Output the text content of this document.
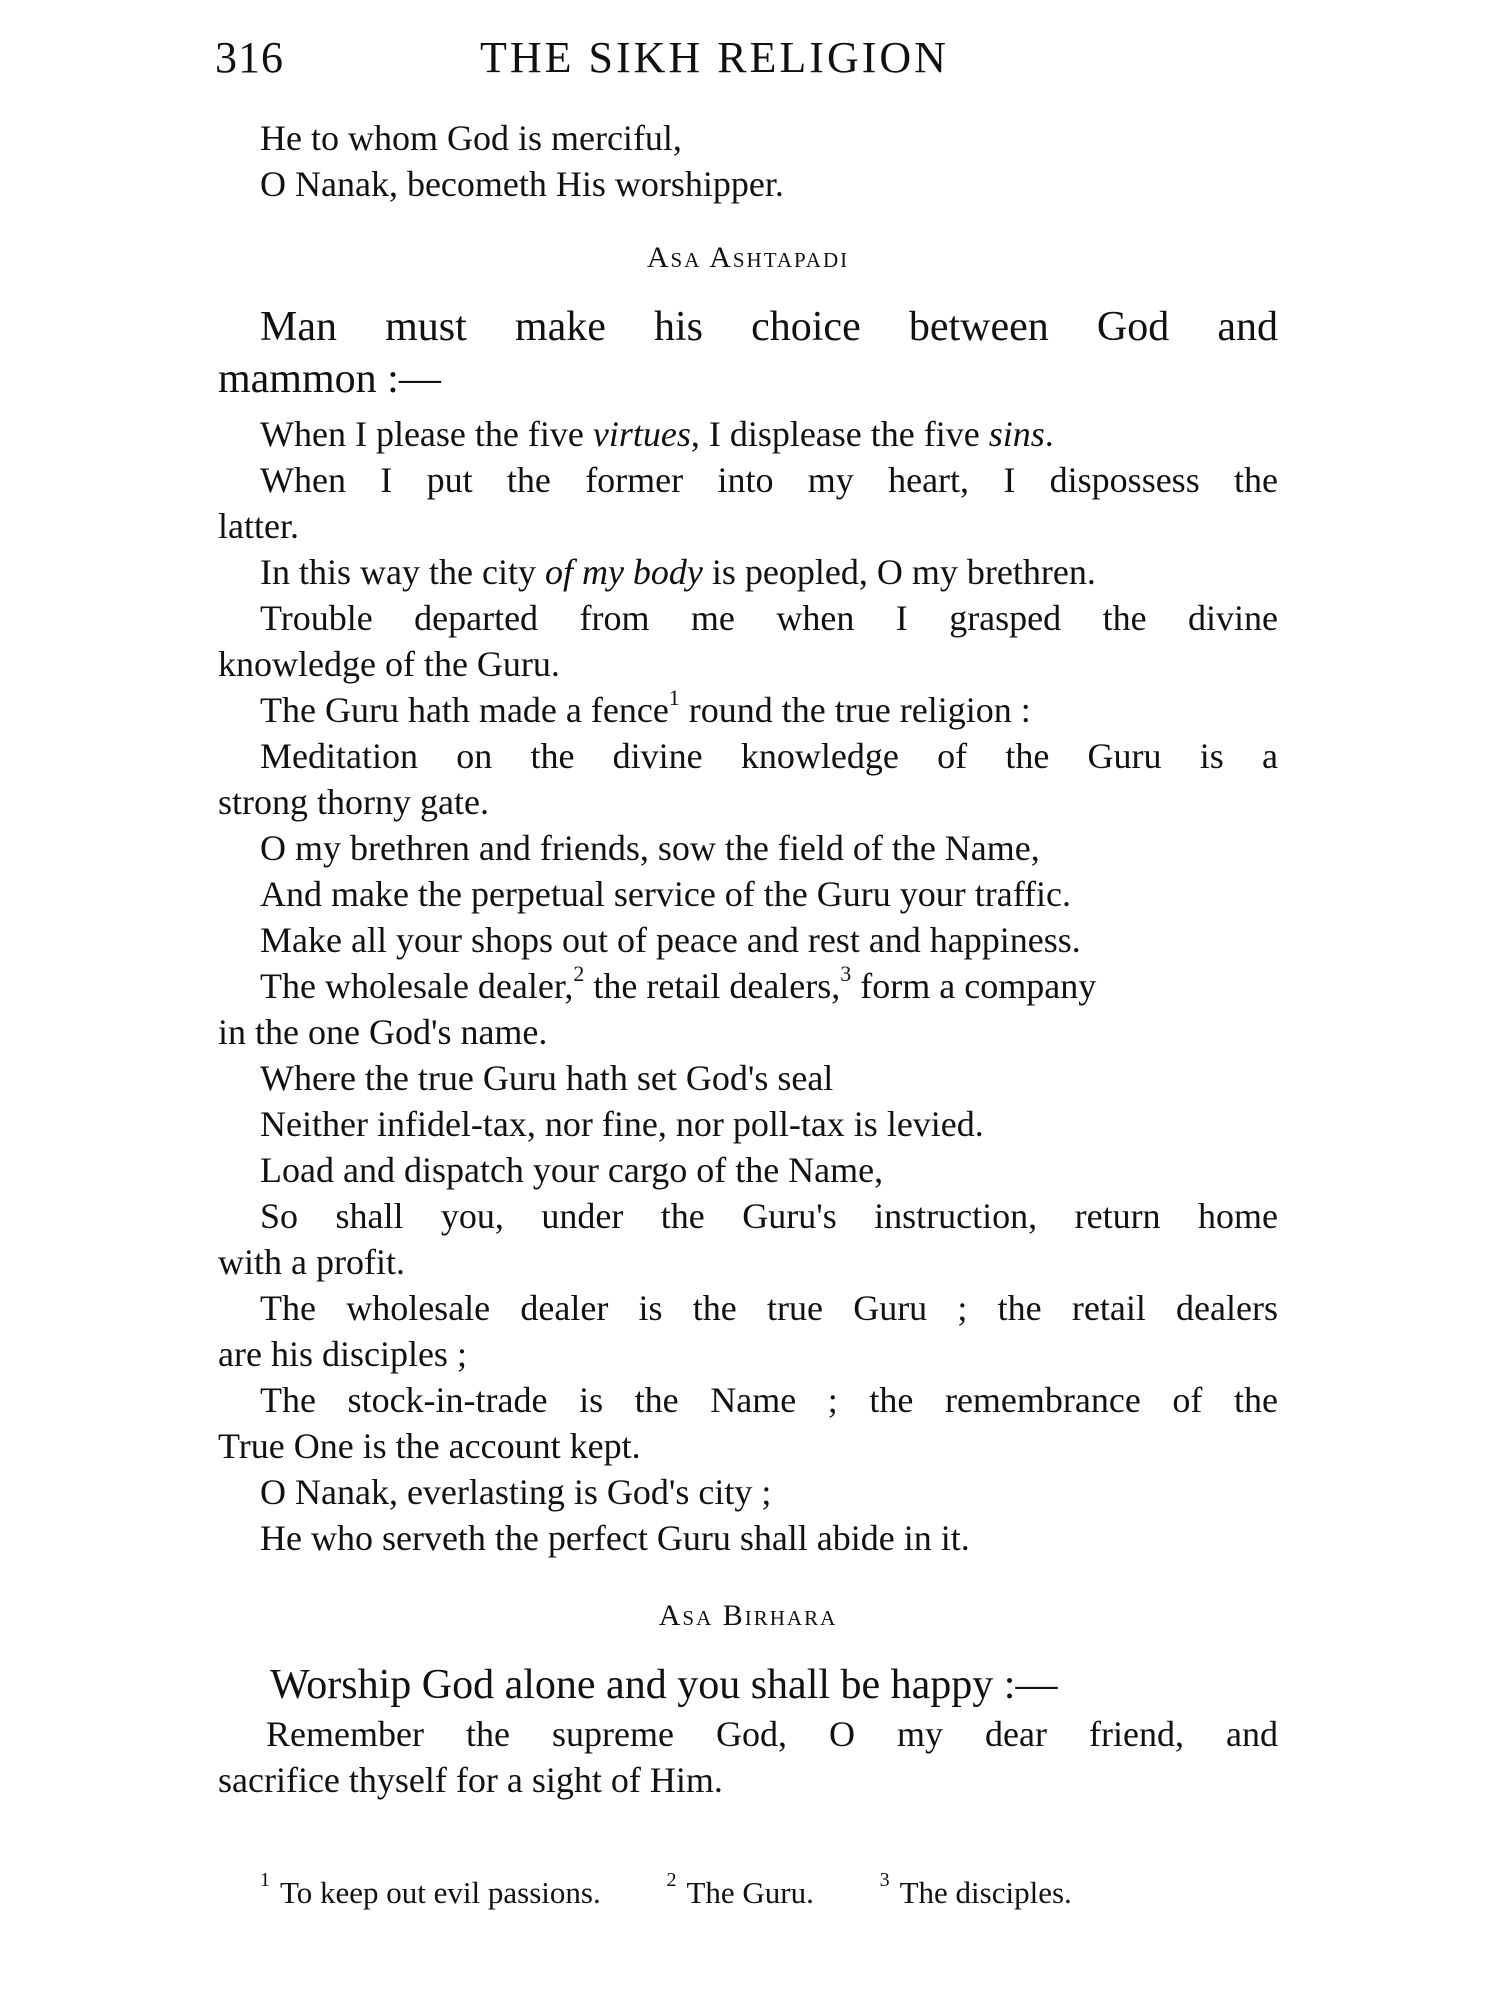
316	THE SIKH RELIGION
He to whom God is merciful,
O Nanak, becometh His worshipper.
Asa Ashtapadi
Man must make his choice between God and
mammon :—
When I please the five virtues, I displease the five sins.
When I put the former into my heart, I dispossess the
latter.
In this way the city of my body is peopled, O my brethren.
Trouble departed from me when I grasped the divine
knowledge of the Guru.
The Guru hath made a fence$^1$ round the true religion :
Meditation on the divine knowledge of the Guru is a
strong thorny gate.
O my brethren and friends, sow the field of the Name,
And make the perpetual service of the Guru your traffic.
Make all your shops out of peace and rest and happiness.
The wholesale dealer,$^2$ the retail dealers,$^3$ form a company
in the one God's name.
Where the true Guru hath set God's seal
Neither infidel-tax, nor fine, nor poll-tax is levied.
Load and dispatch your cargo of the Name,
So shall you, under the Guru's instruction, return home
with a profit.
The wholesale dealer is the true Guru ; the retail dealers
are his disciples ;
The stock-in-trade is the Name ; the remembrance of the
True One is the account kept.
O Nanak, everlasting is God's city ;
He who serveth the perfect Guru shall abide in it.
Asa Birhara
Worship God alone and you shall be happy :—
Remember the supreme God, O my dear friend, and
sacrifice thyself for a sight of Him.
$^1$ To keep out evil passions.	$^2$ The Guru.	$^3$ The disciples.
